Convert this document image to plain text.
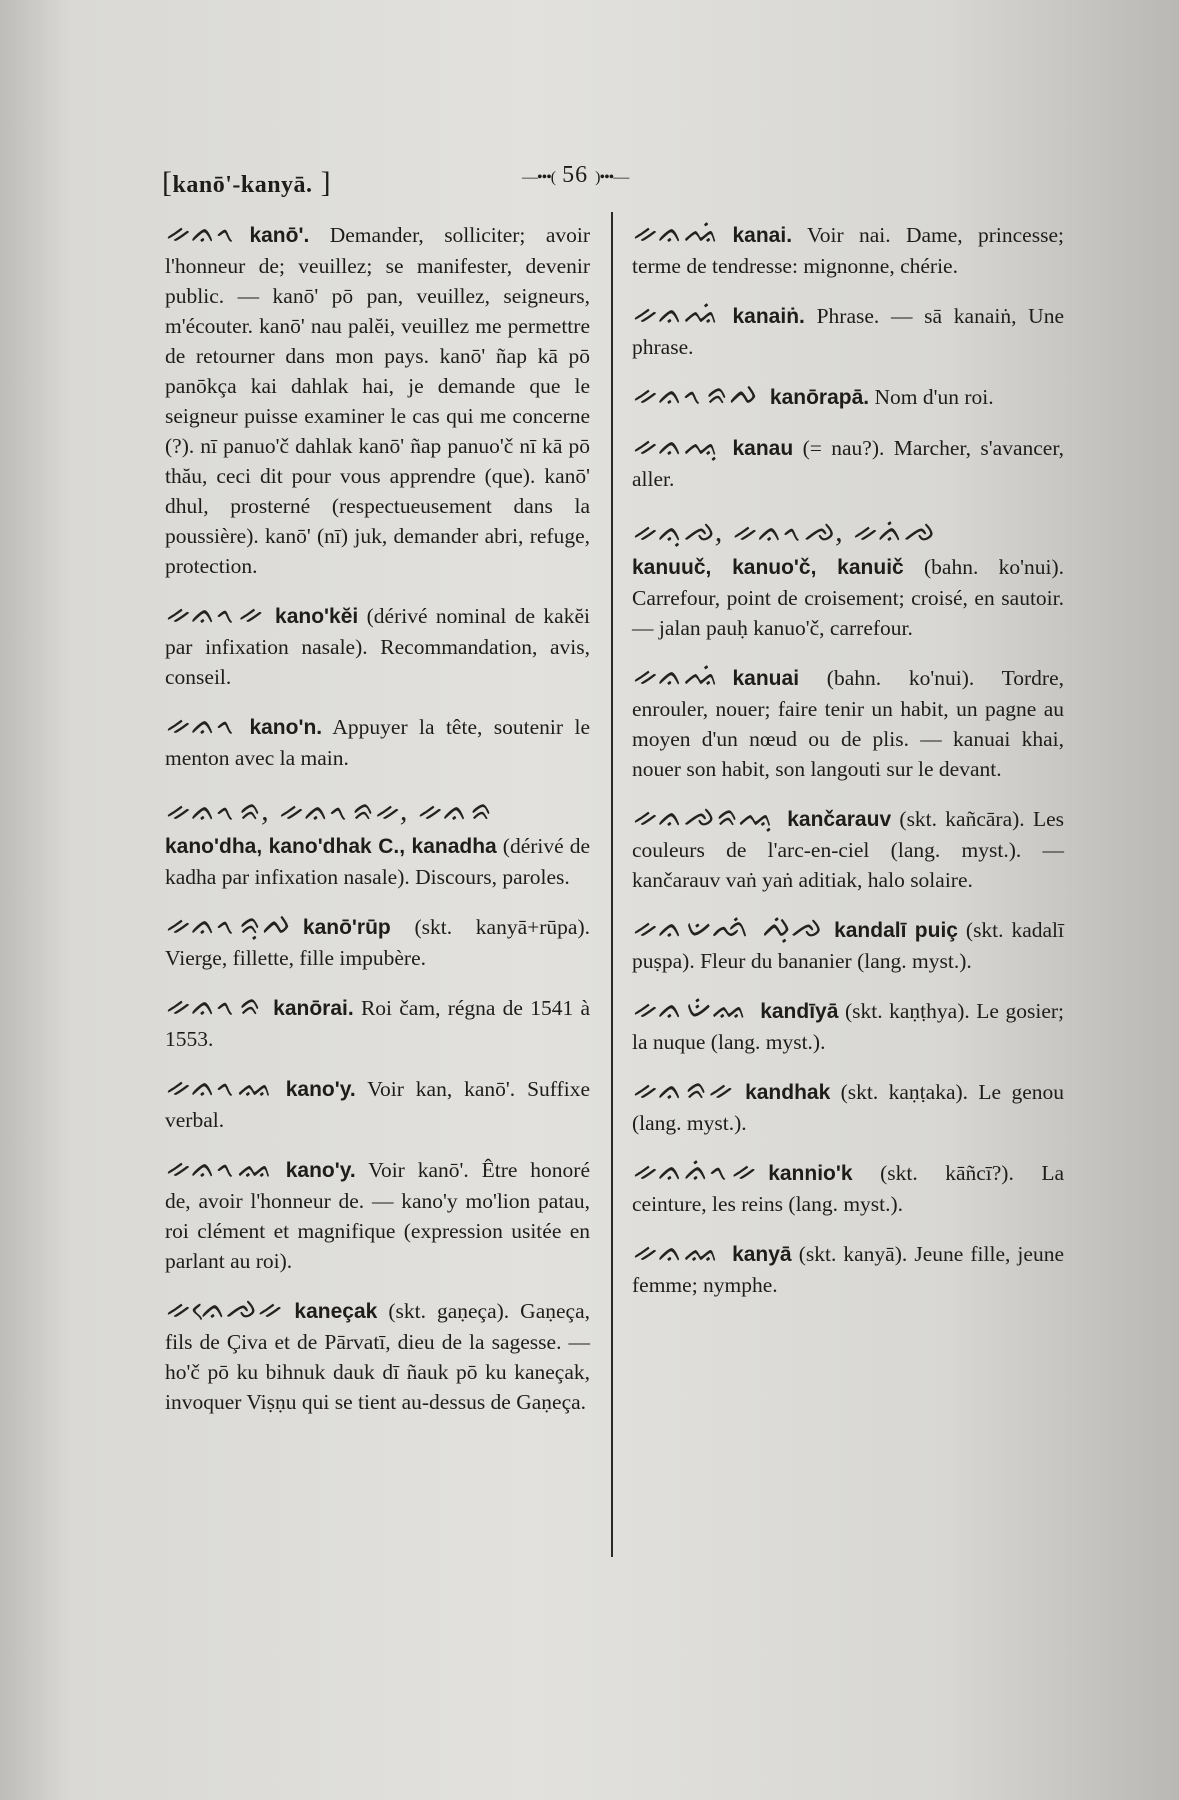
[kanō'-kanyā. ]	—•••( 56 )•••—

ᨀᨊᨚ kanō'. Demander, solliciter; avoir l'honneur de; veuillez; se manifester, devenir public. — kanō' pō pan, veuillez, seigneurs, m'écouter. kanō' nau palĕi, veuillez me permettre de retourner dans mon pays. kanō' ñap kā pō panōkça kai dahlak hai, je demande que le seigneur puisse examiner le cas qui me concerne (?). nī panuo'č dahlak kanō' ñap panuo'č nī kā pō thău, ceci dit pour vous apprendre (que). kanō' dhul, prosterné (respectueusement dans la poussière). kanō' (nī) juk, demander abri, refuge, protection.

ᨀᨊᨚᨀ kano'kĕi (dérivé nominal de kakĕi par infixation nasale). Recommandation, avis, conseil.

ᨀᨊᨚ kano'n. Appuyer la tête, soutenir le menton avec la main.

ᨀᨊᨚᨑ, ᨀᨊᨚᨑᨀ, ᨀᨊᨑ

kano'dha, kano'dhak C., kanadha (dérivé de kadha par infixation nasale). Discours, paroles.

ᨀᨊᨚᨑᨘᨄ kanō'rūp (skt. kanyā+rūpa). Vierge, fillette, fille impubère.

ᨀᨊᨚᨑ kanōrai. Roi čam, régna de 1541 à 1553.

ᨀᨊᨚᨐ kano'y. Voir kan, kanō'. Suffixe verbal.

ᨀᨊᨚᨐ kano'y. Voir kanō'. Être honoré de, avoir l'honneur de. — kano'y mo'lion patau, roi clément et magnifique (expression usitée en parlant au roi).

ᨀᨊᨙᨌᨀ kaneçak (skt. gaṇeça). Gaṇeça, fils de Çiva et de Pārvatī, dieu de la sagesse. — ho'č pō ku bihnuk dauk dī ñauk pō ku kaneçak, invoquer Viṣṇu qui se tient au-dessus de Gaṇeça.

ᨀᨊᨕᨗ kanai. Voir nai. Dame, princesse; terme de tendresse: mignonne, chérie.

ᨀᨊᨕᨗ kanaiṅ. Phrase. — sā kanaiṅ, Une phrase.

ᨀᨊᨚᨑᨄ kanōrapā. Nom d'un roi.

ᨀᨊᨕᨘ kanau (= nau?). Marcher, s'avancer, aller.

ᨀᨊᨘᨌ, ᨀᨊᨚᨌ, ᨀᨊᨗᨌ

kanuuč, kanuo'č, kanuič (bahn. ko'nui). Carrefour, point de croisement; croisé, en sautoir. — jalan pauḥ kanuo'č, carrefour.

ᨀᨊᨕᨗ kanuai (bahn. ko'nui). Tordre, enrouler, nouer; faire tenir un habit, un pagne au moyen d'un nœud ou de plis. — kanuai khai, nouer son habit, son langouti sur le devant.

ᨀᨊᨌᨑᨕᨘ kančarauv (skt. kañcāra). Les couleurs de l'arc-en-ciel (lang. myst.). — kančarauv vaṅ yaṅ aditiak, halo solaire.

ᨀᨊᨉᨒᨗ ᨄᨘᨗᨌ kandalī puiç (skt. kadalī puṣpa). Fleur du bananier (lang. myst.).

ᨀᨊᨉᨗᨐ kandīyā (skt. kaṇṭhya). Le gosier; la nuque (lang. myst.).

ᨀᨊᨑᨀ kandhak (skt. kaṇṭaka). Le genou (lang. myst.).

ᨀᨊᨊᨗᨚᨀ kannio'k (skt. kāñcī?). La ceinture, les reins (lang. myst.).

ᨀᨊᨐ kanyā (skt. kanyā). Jeune fille, jeune femme; nymphe.
